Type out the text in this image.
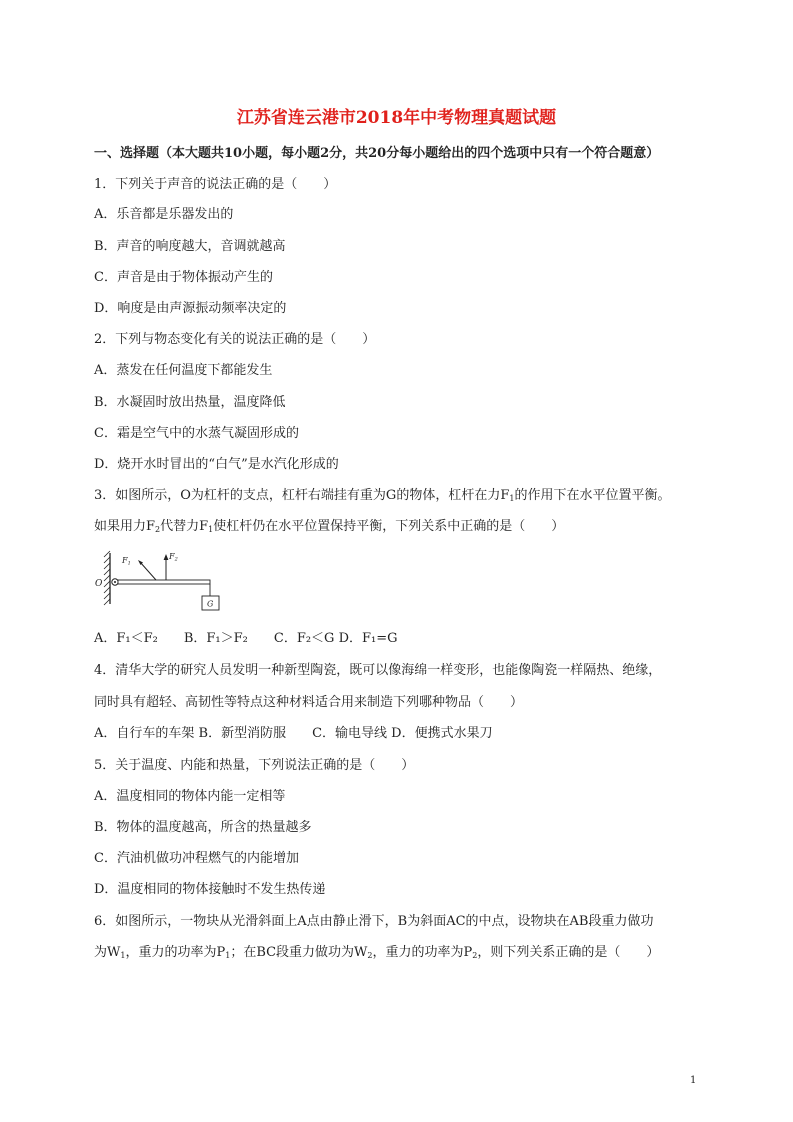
江苏省连云港市2018年中考物理真题试题
一、选择题（本大题共10小题，每小题2分，共20分每小题给出的四个选项中只有一个符合题意）
1．下列关于声音的说法正确的是（　　）
A．乐音都是乐器发出的
B．声音的响度越大，音调就越高
C．声音是由于物体振动产生的
D．响度是由声源振动频率决定的
2．下列与物态变化有关的说法正确的是（　　）
A．蒸发在任何温度下都能发生
B．水凝固时放出热量，温度降低
C．霜是空气中的水蒸气凝固形成的
D．烧开水时冒出的“白气”是水汽化形成的
3．如图所示，O为杠杆的支点，杠杆右端挂有重为G的物体，杠杆在力$F_1$的作用下在水平位置平衡。
如果用力$F_2$代替力$F_1$使杠杆仍在水平位置保持平衡，下列关系中正确的是（　　）
O
F1
F2
G
A．F₁＜F₂　　B．F₁＞F₂　　C．F₂＜G D．F₁=G
4．清华大学的研究人员发明一种新型陶瓷，既可以像海绵一样变形，也能像陶瓷一样隔热、绝缘，
同时具有超轻、高韧性等特点这种材料适合用来制造下列哪种物品（　　）
A．自行车的车架 B．新型消防服　　C．输电导线 D．便携式水果刀
5．关于温度、内能和热量，下列说法正确的是（　　）
A．温度相同的物体内能一定相等
B．物体的温度越高，所含的热量越多
C．汽油机做功冲程燃气的内能增加
D．温度相同的物体接触时不发生热传递
6．如图所示，一物块从光滑斜面上A点由静止滑下，B为斜面AC的中点，设物块在AB段重力做功
为$W_1$，重力的功率为$P_1$；在BC段重力做功为$W_2$，重力的功率为$P_2$，则下列关系正确的是（　　）
1
